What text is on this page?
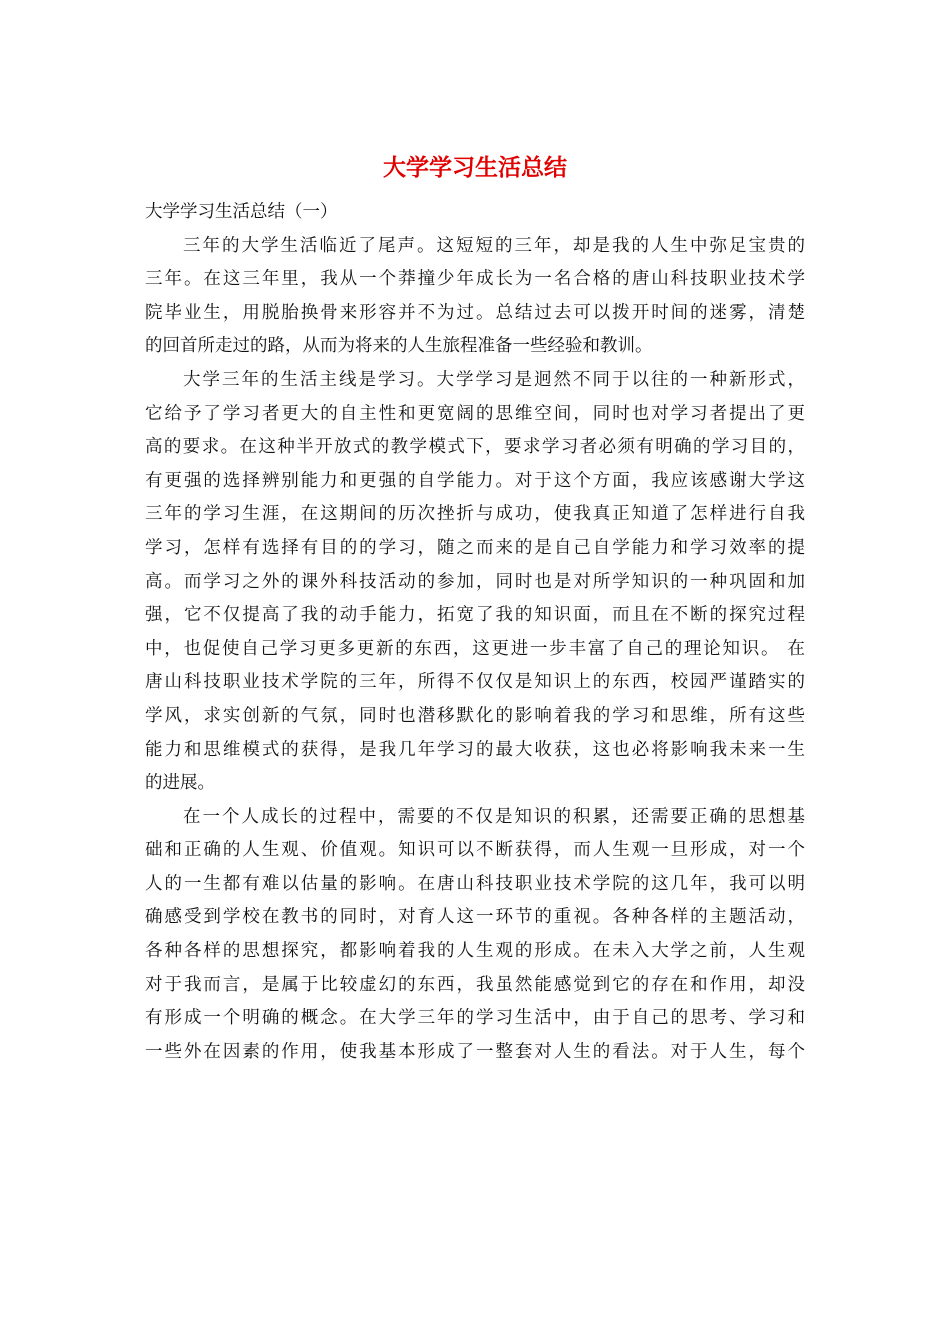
大学学习生活总结
大学学习生活总结（一）
三年的大学生活临近了尾声。这短短的三年，却是我的人生中弥足宝贵的
三年。在这三年里，我从一个莽撞少年成长为一名合格的唐山科技职业技术学
院毕业生，用脱胎换骨来形容并不为过。总结过去可以拨开时间的迷雾，清楚
的回首所走过的路，从而为将来的人生旅程准备一些经验和教训。
大学三年的生活主线是学习。大学学习是迥然不同于以往的一种新形式，
它给予了学习者更大的自主性和更宽阔的思维空间，同时也对学习者提出了更
高的要求。在这种半开放式的教学模式下，要求学习者必须有明确的学习目的，
有更强的选择辨别能力和更强的自学能力。对于这个方面，我应该感谢大学这
三年的学习生涯，在这期间的历次挫折与成功，使我真正知道了怎样进行自我
学习，怎样有选择有目的的学习，随之而来的是自己自学能力和学习效率的提
高。而学习之外的课外科技活动的参加，同时也是对所学知识的一种巩固和加
强，它不仅提高了我的动手能力，拓宽了我的知识面，而且在不断的探究过程
中，也促使自己学习更多更新的东西，这更进一步丰富了自己的理论知识。 在
唐山科技职业技术学院的三年，所得不仅仅是知识上的东西，校园严谨踏实的
学风，求实创新的气氛，同时也潜移默化的影响着我的学习和思维，所有这些
能力和思维模式的获得，是我几年学习的最大收获，这也必将影响我未来一生
的进展。
在一个人成长的过程中，需要的不仅是知识的积累，还需要正确的思想基
础和正确的人生观、价值观。知识可以不断获得，而人生观一旦形成，对一个
人的一生都有难以估量的影响。在唐山科技职业技术学院的这几年，我可以明
确感受到学校在教书的同时，对育人这一环节的重视。各种各样的主题活动，
各种各样的思想探究，都影响着我的人生观的形成。在未入大学之前，人生观
对于我而言，是属于比较虚幻的东西，我虽然能感觉到它的存在和作用，却没
有形成一个明确的概念。在大学三年的学习生活中，由于自己的思考、学习和
一些外在因素的作用，使我基本形成了一整套对人生的看法。对于人生，每个
